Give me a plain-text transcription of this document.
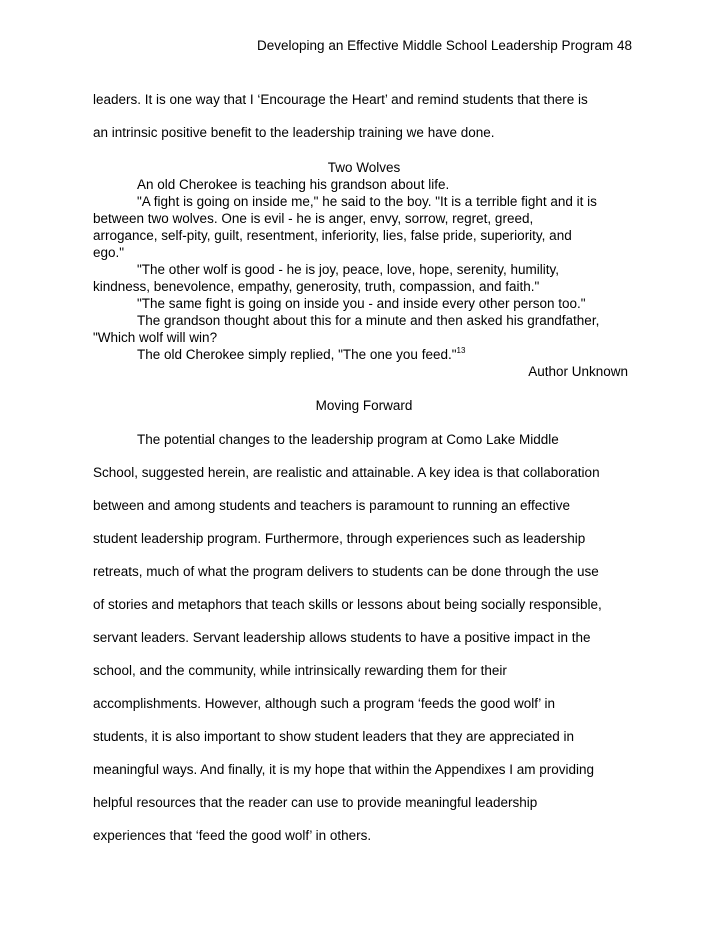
Developing an Effective Middle School Leadership Program 48
leaders. It is one way that I ‘Encourage the Heart’ and remind students that there is
an intrinsic positive benefit to the leadership training we have done.
Two Wolves
An old Cherokee is teaching his grandson about life.
"A fight is going on inside me," he said to the boy. "It is a terrible fight and it is
between two wolves. One is evil - he is anger, envy, sorrow, regret, greed,
arrogance, self-pity, guilt, resentment, inferiority, lies, false pride, superiority, and
ego."
"The other wolf is good - he is joy, peace, love, hope, serenity, humility,
kindness, benevolence, empathy, generosity, truth, compassion, and faith."
"The same fight is going on inside you - and inside every other person too."
The grandson thought about this for a minute and then asked his grandfather,
"Which wolf will win?
The old Cherokee simply replied, "The one you feed."$^{13}$
Author Unknown
Moving Forward
The potential changes to the leadership program at Como Lake Middle
School, suggested herein, are realistic and attainable. A key idea is that collaboration
between and among students and teachers is paramount to running an effective
student leadership program. Furthermore, through experiences such as leadership
retreats, much of what the program delivers to students can be done through the use
of stories and metaphors that teach skills or lessons about being socially responsible,
servant leaders. Servant leadership allows students to have a positive impact in the
school, and the community, while intrinsically rewarding them for their
accomplishments. However, although such a program ‘feeds the good wolf’ in
students, it is also important to show student leaders that they are appreciated in
meaningful ways. And finally, it is my hope that within the Appendixes I am providing
helpful resources that the reader can use to provide meaningful leadership
experiences that ‘feed the good wolf’ in others.
